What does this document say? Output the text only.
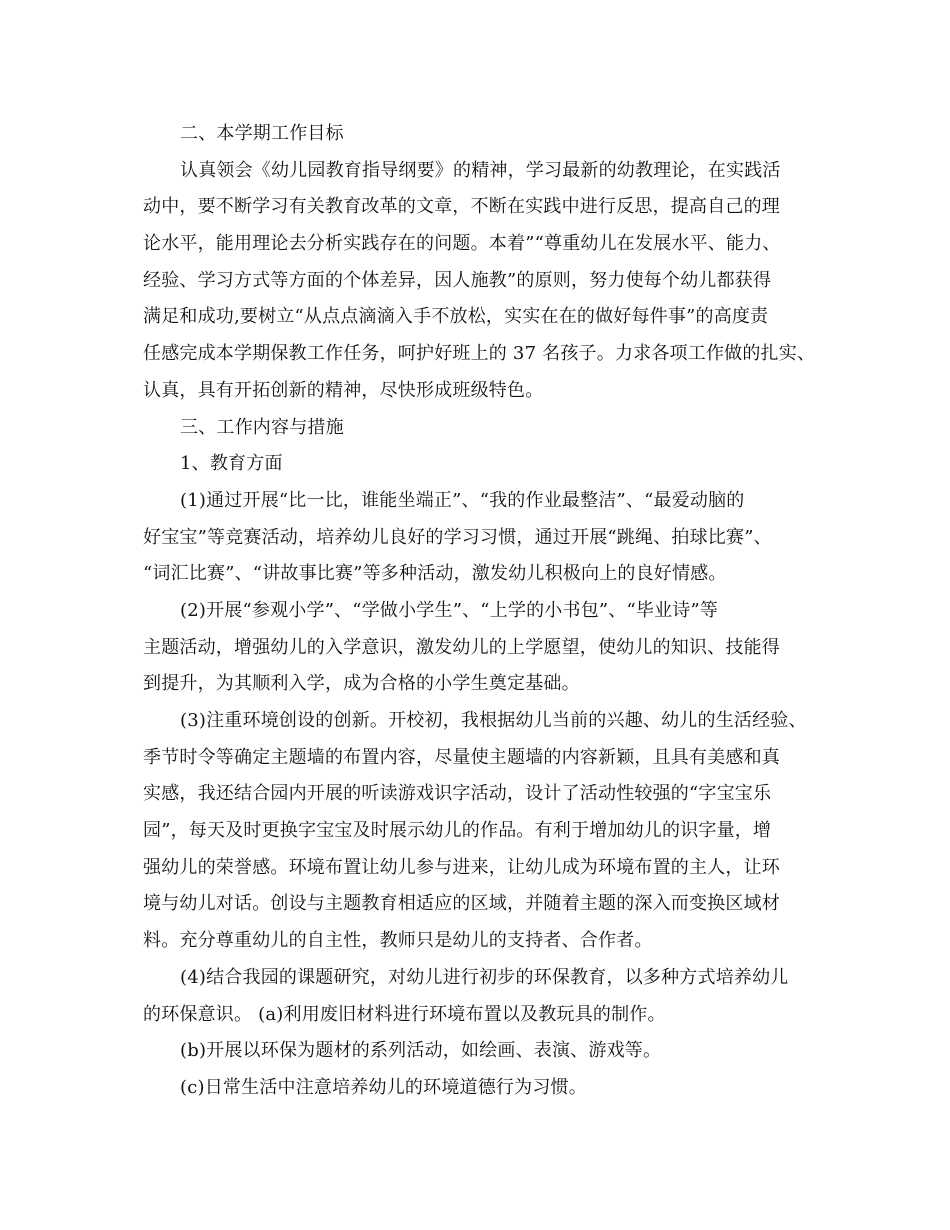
二、本学期工作目标
认真领会《幼儿园教育指导纲要》的精神，学习最新的幼教理论，在实践活
动中，要不断学习有关教育改革的文章，不断在实践中进行反思，提高自己的理
论水平，能用理论去分析实践存在的问题。本着”“尊重幼儿在发展水平、能力、
经验、学习方式等方面的个体差异，因人施教”的原则，努力使每个幼儿都获得
满足和成功,要树立“从点点滴滴入手不放松，实实在在的做好每件事”的高度责
任感完成本学期保教工作任务，呵护好班上的 37 名孩子。力求各项工作做的扎实、
认真，具有开拓创新的精神，尽快形成班级特色。
三、工作内容与措施
1、教育方面
(1)通过开展“比一比，谁能坐端正”、“我的作业最整洁”、“最爱动脑的
好宝宝”等竞赛活动，培养幼儿良好的学习习惯，通过开展“跳绳、拍球比赛”、
“词汇比赛”、“讲故事比赛”等多种活动，激发幼儿积极向上的良好情感。
(2)开展“参观小学”、“学做小学生”、“上学的小书包”、“毕业诗”等
主题活动，增强幼儿的入学意识，激发幼儿的上学愿望，使幼儿的知识、技能得
到提升，为其顺利入学，成为合格的小学生奠定基础。
(3)注重环境创设的创新。开校初，我根据幼儿当前的兴趣、幼儿的生活经验、
季节时令等确定主题墙的布置内容，尽量使主题墙的内容新颖，且具有美感和真
实感，我还结合园内开展的听读游戏识字活动，设计了活动性较强的“字宝宝乐
园”，每天及时更换字宝宝及时展示幼儿的作品。有利于增加幼儿的识字量，增
强幼儿的荣誉感。环境布置让幼儿参与进来，让幼儿成为环境布置的主人，让环
境与幼儿对话。创设与主题教育相适应的区域，并随着主题的深入而变换区域材
料。充分尊重幼儿的自主性，教师只是幼儿的支持者、合作者。
(4)结合我园的课题研究，对幼儿进行初步的环保教育，以多种方式培养幼儿
的环保意识。 (a)利用废旧材料进行环境布置以及教玩具的制作。
(b)开展以环保为题材的系列活动，如绘画、表演、游戏等。
(c)日常生活中注意培养幼儿的环境道德行为习惯。
